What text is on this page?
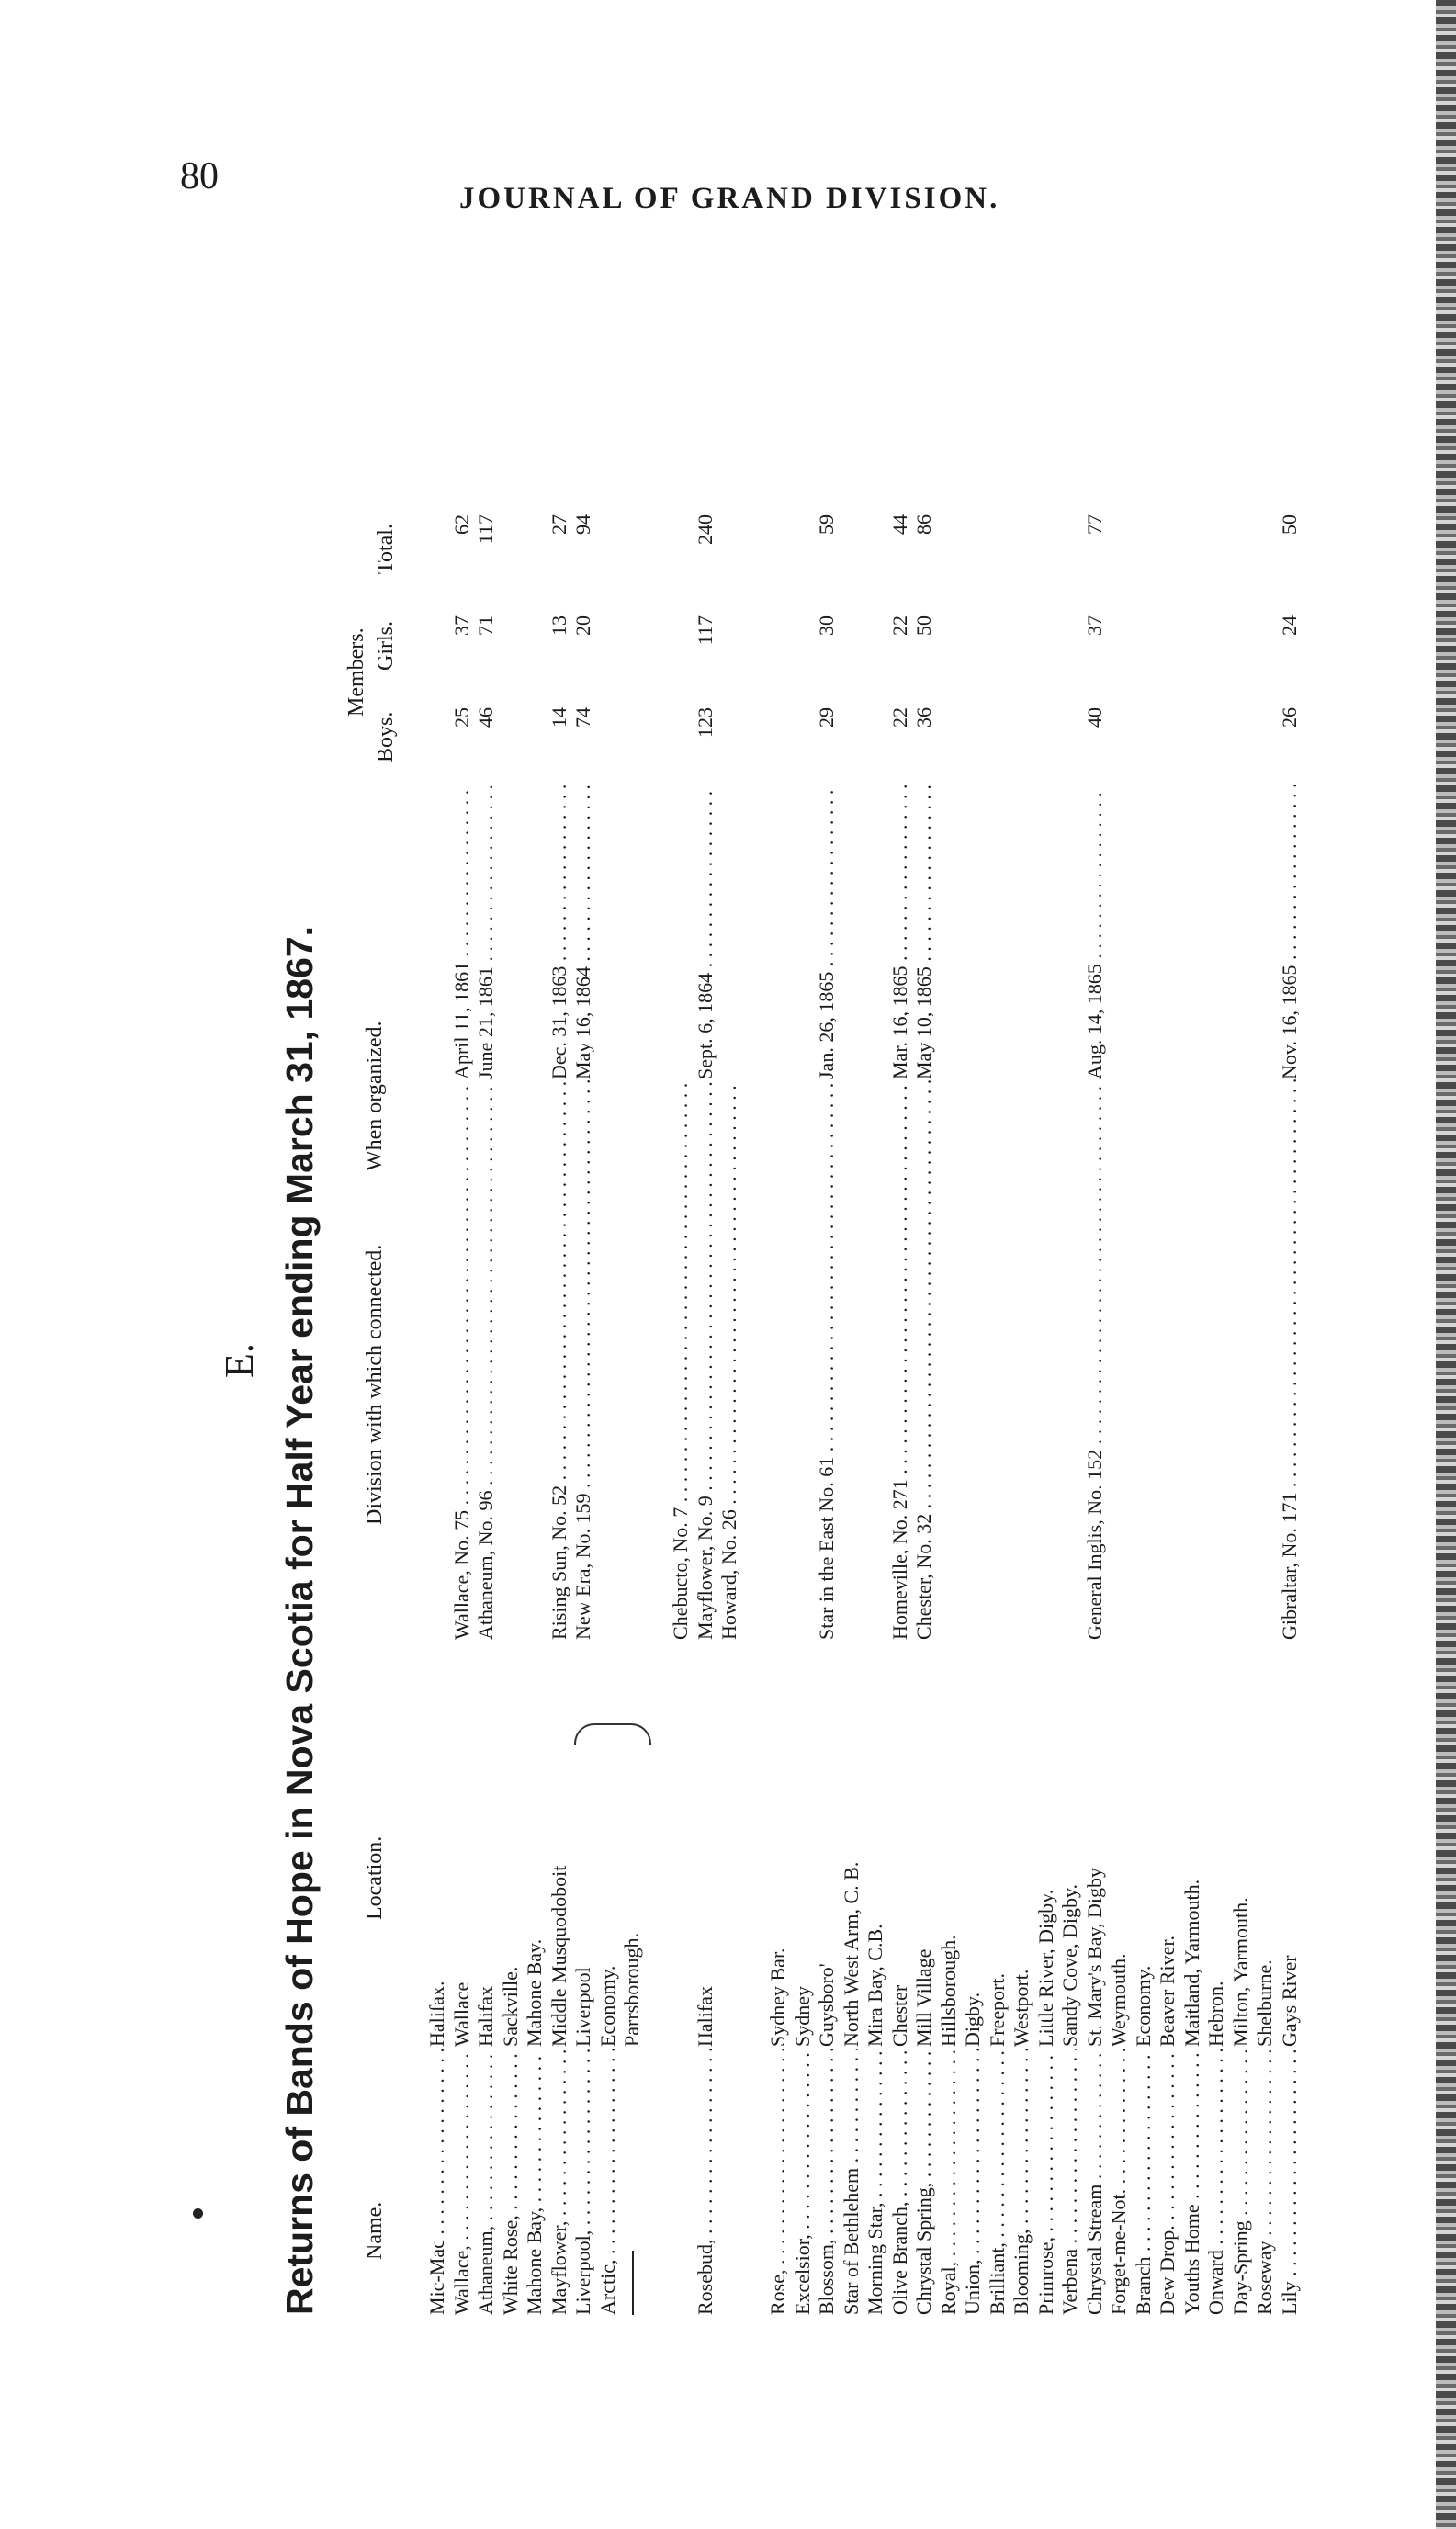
80
JOURNAL OF GRAND DIVISION.
E. Returns of Bands of Hope in Nova Scotia for Half Year ending March 31, 1867. Name.
Location.
Division with which connected.
When organized.
Members.
Boys.
Girls.
Total.
Mic-Mac . . .
Halifax.
Wallace, . . .
Wallace
Wallace, No. 75 . . .
April 11, 1861 . . .
25
37
62
Athaneum, . . .
Halifax
Athaneum, No. 96 . . .
June 21, 1861 . . .
46
71
117
White Rose, . . .
Sackville.
Mahone Bay, . . .
Mahone Bay.
Mayflower, . . .
Middle Musquodoboit
Rising Sun, No. 52 . . .
Dec. 31, 1863 . . .
14
13
27
Liverpool, . . .
Liverpool
New Era, No. 159 . . .
May 16, 1864 . . .
74
20
94
Arctic, . . .
Economy. Parrsborough.
Chebucto, No. 7 . . .
Rosebud, . . .
Halifax
Mayflower, No. 9 . . .
Sept. 6, 1864 . . .
123
117
240
Howard, No. 26 . . .
Rose, . . .
Sydney Bar.
Excelsior, . . .
Sydney
Blossom, . . .
Guysboro'
Star in the East No. 61 . . .
Jan. 26, 1865 . . .
29
30
59
Star of Bethlehem . . .
North West Arm, C. B.
Morning Star, . . .
Mira Bay, C.B.
Olive Branch, . . .
Chester
Homeville, No. 271 . . .
Mar. 16, 1865 . . .
22
22
44
Chrystal Spring, . . .
Mill Village
Chester, No. 32 . . .
May 10, 1865 . . .
36
50
86
Royal, . . .
Hillsborough.
Union, . . .
Digby.
Brilliant, . . .
Freeport.
Blooming, . . .
Westport.
Primrose, . . .
Little River, Digby.
Verbena . . .
Sandy Cove, Digby.
Chrystal Stream . . .
St. Mary's Bay, Digby
General Inglis, No. 152 . . .
Aug. 14, 1865 . . .
40
37
77
Forget-me-Not. . . .
Weymouth.
Branch . . .
Economy.
Dew Drop. . . .
Beaver River.
Youths Home . . .
Maitland, Yarmouth.
Onward . . .
Hebron.
Day-Spring . . .
Milton, Yarmouth.
Roseway . . .
Shelburne.
Lily . . .
Gays River
Gibraltar, No. 171 . . .
Nov. 16, 1865 . . .
26
24
50
